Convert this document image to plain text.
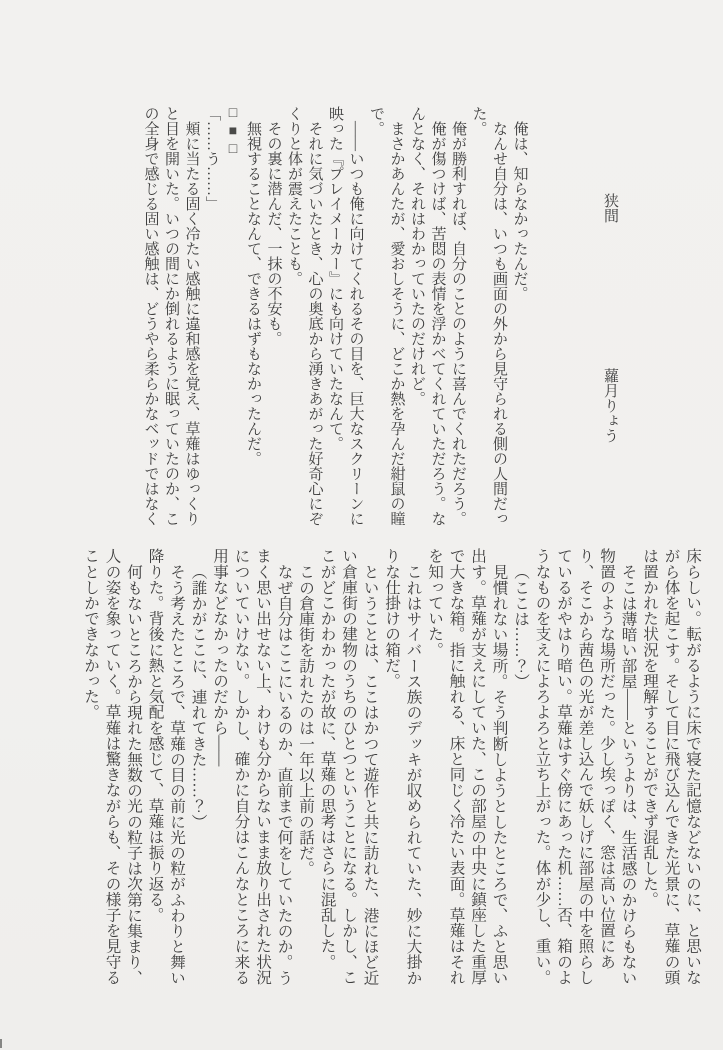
狭間蘿月りょう

俺は、知らなかったんだ。

なんせ自分は、いつも画面の外から見守られる側の人間だった。

俺が勝利すれば、自分のことのように喜んでくれただろう。

俺が傷つけば、苦悶の表情を浮かべてくれていただろう。なんとなく、それはわかっていたのだけれど。

まさかあんたが、愛おしそうに、どこか熱を孕んだ紺鼠の瞳で。

――いつも俺に向けてくれるその目を、巨大なスクリーンに映った『プレイメーカー』にも向けていたなんて。

それに気づいたとき、心の奥底から湧きあがった好奇心にぞくりと体が震えたことも。

その裏に潜んだ、一抹の不安も。

無視することなんて、できるはずもなかったんだ。

□■□

「……う……」

頬に当たる固く冷たい感触に違和感を覚え、草薙はゆっくりと目を開いた。いつの間にか倒れるように眠っていたのか、この全身で感じる固い感触は、どうやら柔らかなベッドではなく

床らしい。転がるように床で寝た記憶などないのに、と思いながら体を起こす。そして目に飛び込んできた光景に、草薙の頭は置かれた状況を理解することができず混乱した。

そこは薄暗い部屋――というよりは、生活感のかけらもない物置のような場所だった。少し埃っぽく、窓は高い位置にあり、そこから茜色の光が差し込んで妖しげに部屋の中を照らしているがやはり暗い。草薙はすぐ傍にあった机……否、箱のようなものを支えによろよろと立ち上がった。体が少し、重い。

（ここは……？）

見慣れない場所。そう判断しようとしたところで、ふと思い出す。草薙が支えにしていた、この部屋の中央に鎮座した重厚で大きな箱。指に触れる、床と同じく冷たい表面。草薙はそれを知っていた。

これはサイバース族のデッキが収められていた、妙に大掛かりな仕掛けの箱だ。

ということは、ここはかつて遊作と共に訪れた、港にほど近い倉庫街の建物のうちのひとつということになる。しかし、ここがどこかわかったが故に、草薙の思考はさらに混乱した。

この倉庫街を訪れたのは一年以上前の話だ。

なぜ自分はここにいるのか、直前まで何をしていたのか。うまく思い出せない上、わけも分からないまま放り出された状況についていけない。しかし、確かに自分はこんなところに来る用事などなかったのだから――

（誰かがここに、連れてきた……？）

そう考えたところで、草薙の目の前に光の粒がふわりと舞い降りた。背後に熱と気配を感じて、草薙は振り返る。

何もないところから現れた無数の光の粒子は次第に集まり、人の姿を象っていく。草薙は驚きながらも、その様子を見守ることしかできなかった。
